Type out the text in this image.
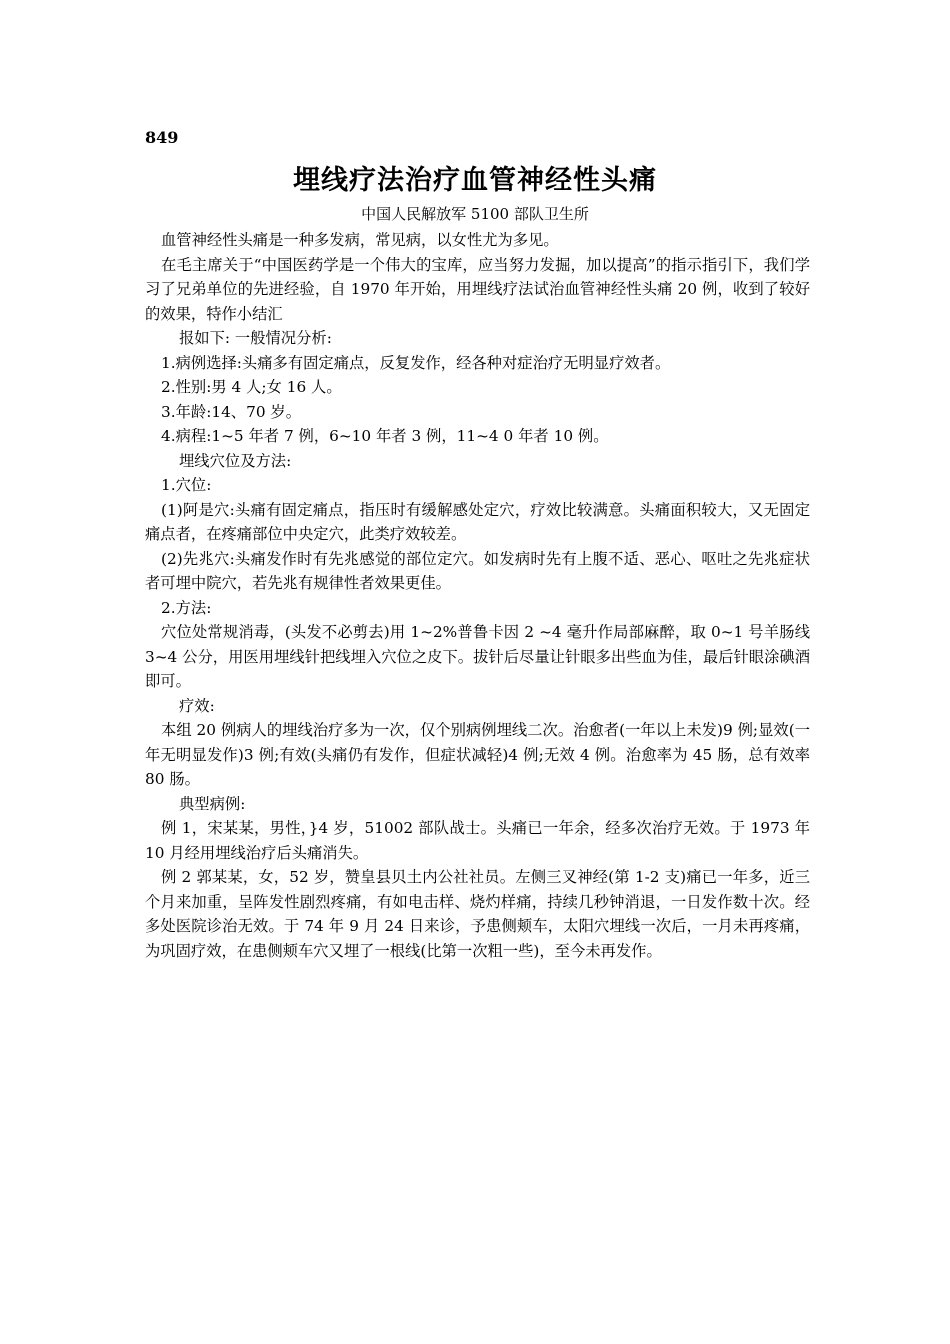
849
埋线疗法治疗血管神经性头痛
中国人民解放军 5100 部队卫生所

血管神经性头痛是一种多发病，常见病，以女性尤为多见。

在毛主席关于“中国医药学是一个伟大的宝库，应当努力发掘，加以提高”的指示指引下，我们学习了兄弟单位的先进经验，自 1970 年开始，用埋线疗法试治血管神经性头痛 20 例，收到了较好的效果，特作小结汇

报如下: 一般情况分析:

1.病例选择:头痛多有固定痛点，反复发作，经各种对症治疗无明显疗效者。

2.性别:男 4 人;女 16 人。

3.年龄:14、70 岁。

4.病程:1~5 年者 7 例，6~10 年者 3 例，11~4 0 年者 10 例。

埋线穴位及方法:

1.穴位:

(1)阿是穴:头痛有固定痛点，指压时有缓解感处定穴，疗效比较满意。头痛面积较大，又无固定痛点者，在疼痛部位中央定穴，此类疗效较差。

(2)先兆穴:头痛发作时有先兆感觉的部位定穴。如发病时先有上腹不适、恶心、呕吐之先兆症状者可埋中院穴，若先兆有规律性者效果更佳。

2.方法:

穴位处常规消毒，(头发不必剪去)用 1~2%普鲁卡因 2 ~4 毫升作局部麻醉，取 0~1 号羊肠线 3~4 公分，用医用埋线针把线埋入穴位之皮下。拔针后尽量让针眼多出些血为佳，最后针眼涂碘酒即可。

疗效:

本组 20 例病人的埋线治疗多为一次，仅个别病例埋线二次。治愈者(一年以上未发)9 例;显效(一年无明显发作)3 例;有效(头痛仍有发作，但症状减轻)4 例;无效 4 例。治愈率为 45 肠，总有效率 80 肠。

典型病例:

例 1，宋某某，男性，}4 岁，51002 部队战士。头痛已一年余，经多次治疗无效。于 1973 年 10 月经用埋线治疗后头痛消失。

例 2 郭某某，女，52 岁，赞皇县贝土内公社社员。左侧三叉神经(第 1-2 支)痛已一年多，近三个月来加重，呈阵发性剧烈疼痛，有如电击样、烧灼样痛，持续几秒钟消退，一日发作数十次。经多处医院诊治无效。于 74 年 9 月 24 日来诊，予患侧颊车，太阳穴埋线一次后，一月未再疼痛，为巩固疗效，在患侧颊车穴又埋了一根线(比第一次粗一些)，至今未再发作。
